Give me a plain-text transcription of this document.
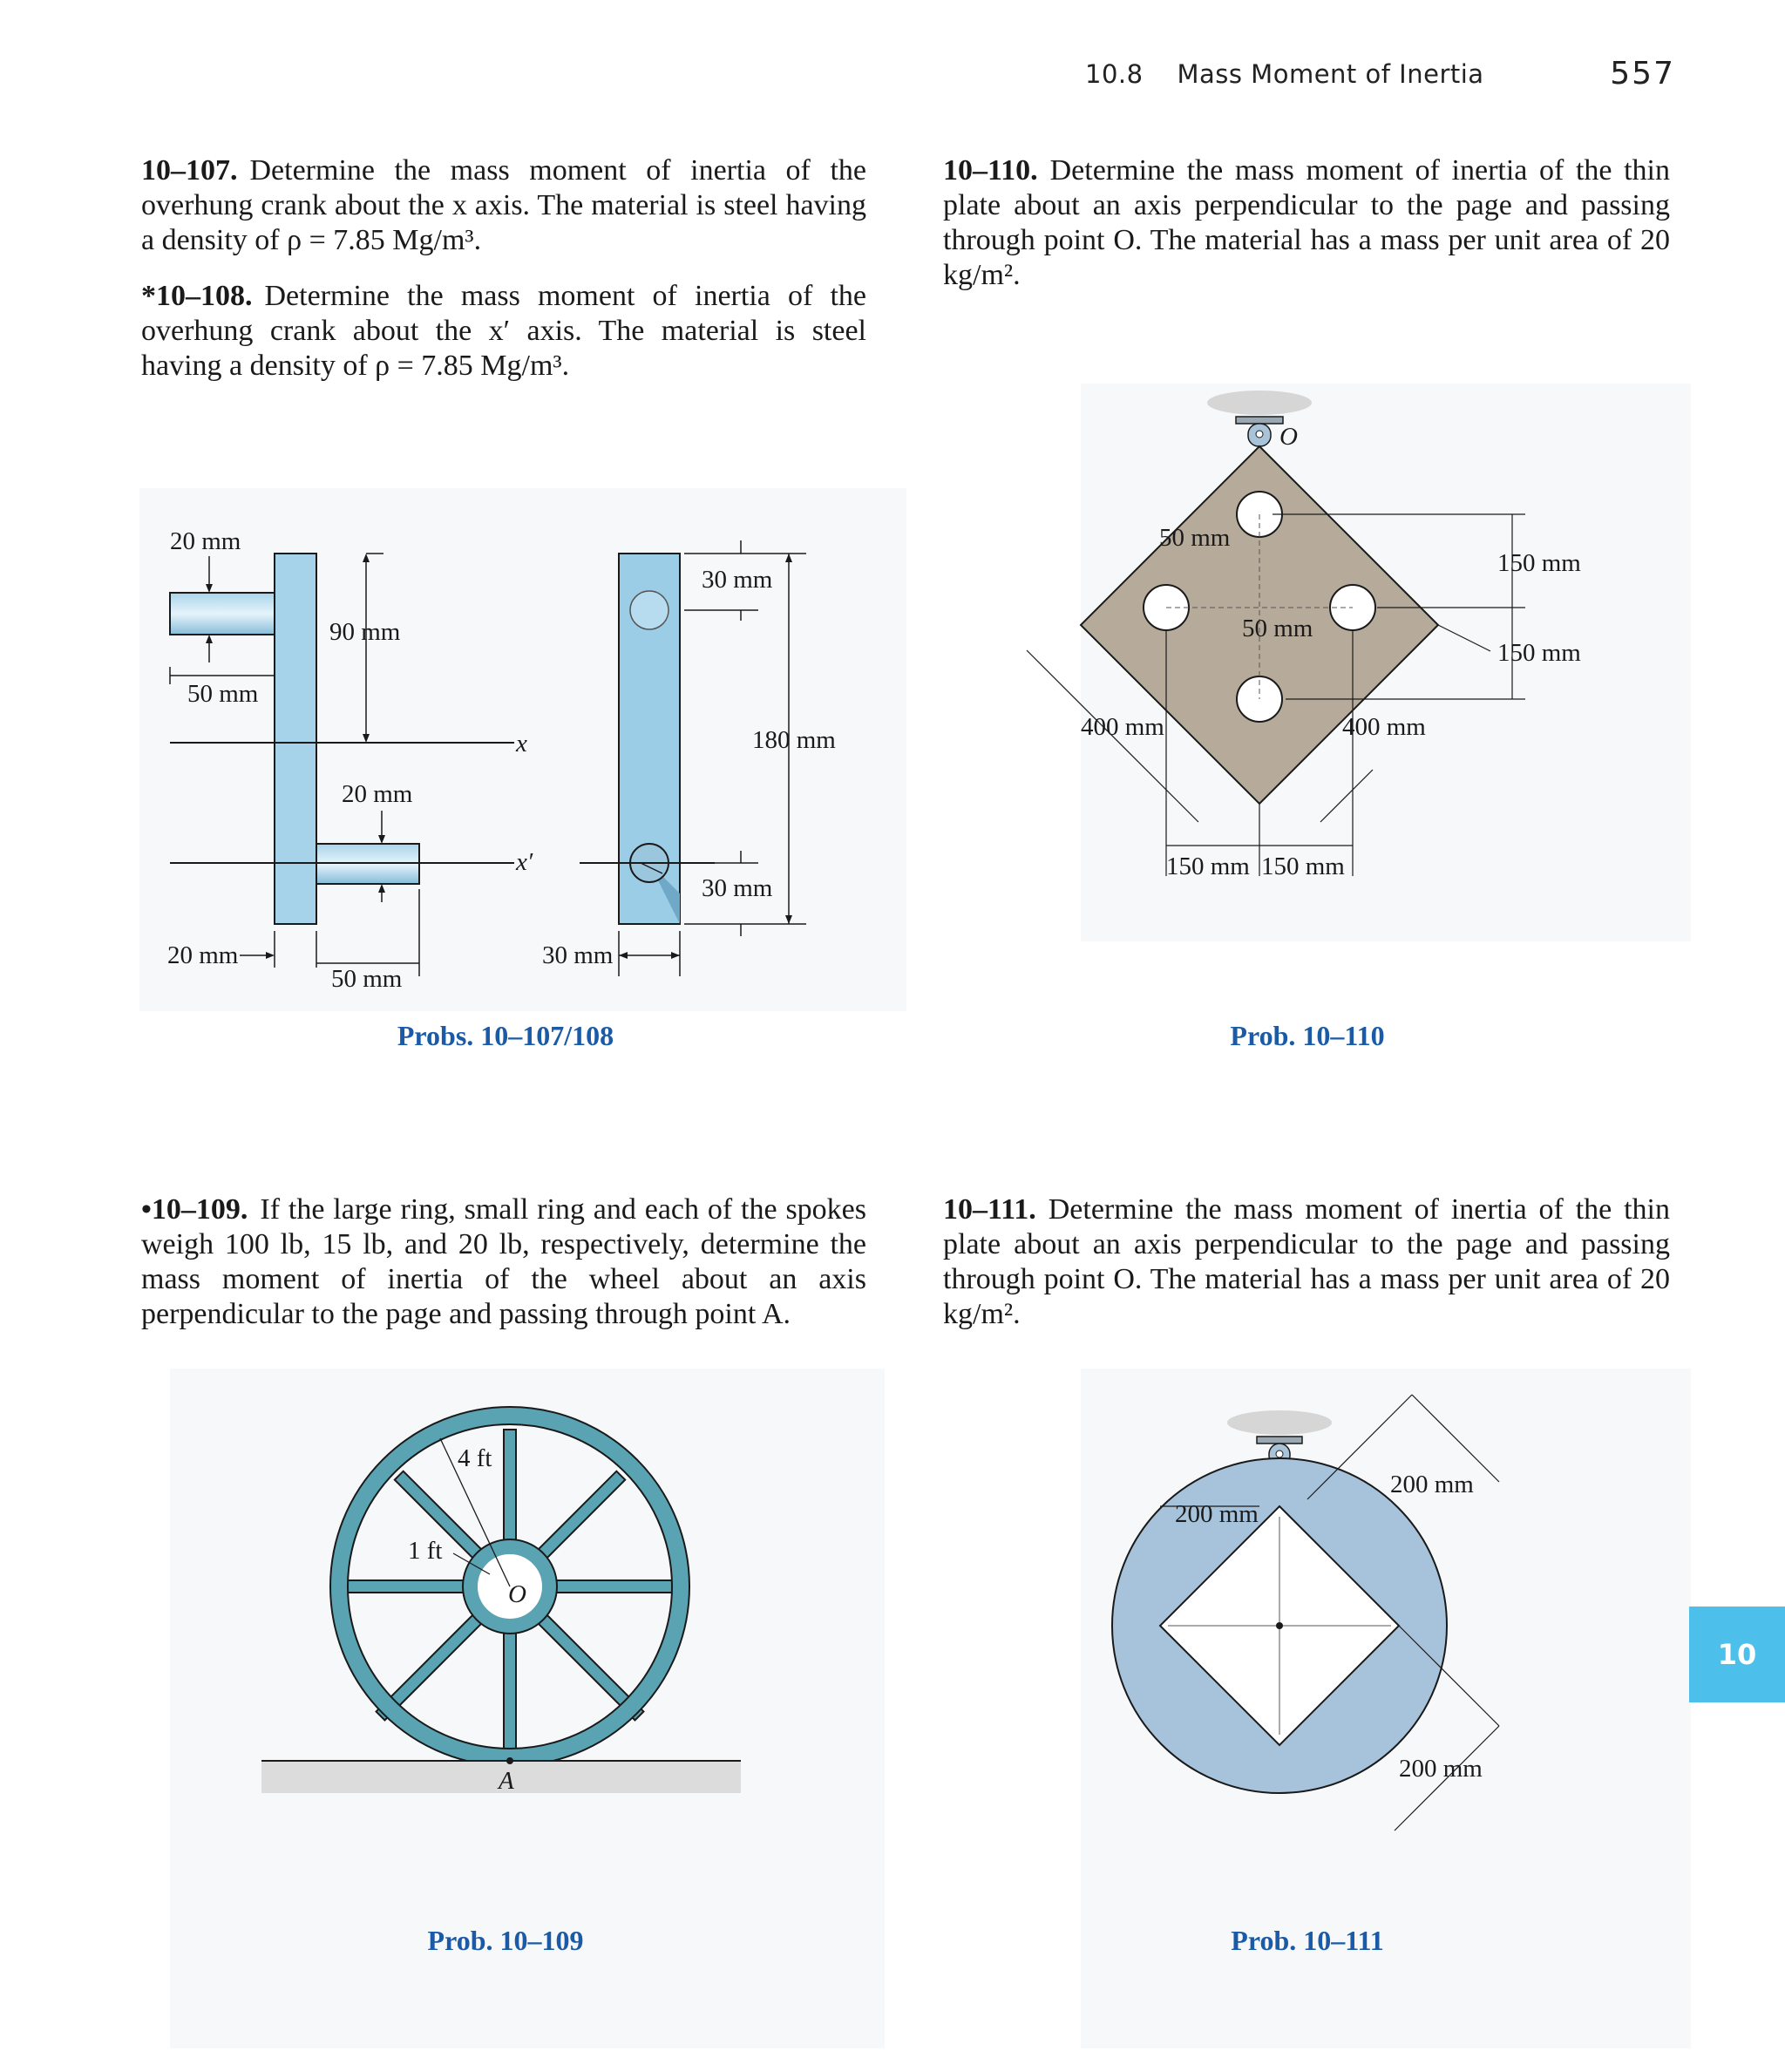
10.8 Mass Moment of Inertia	557
10–107. Determine the mass moment of inertia of the overhung crank about the x axis. The material is steel having a density of ρ = 7.85 Mg/m³.
*10–108. Determine the mass moment of inertia of the overhung crank about the x′ axis. The material is steel having a density of ρ = 7.85 Mg/m³.
10–110. Determine the mass moment of inertia of the thin plate about an axis perpendicular to the page and passing through point O. The material has a mass per unit area of 20 kg/m².
x
x′
90 mm
20 mm
50 mm
20 mm
20 mm
50 mm
30 mm
30 mm
180 mm
30 mm
Probs. 10–107/108
O
50 mm
50 mm
150 mm
150 mm
400 mm	400 mm
150 mm 150 mm
Prob. 10–110
•10–109. If the large ring, small ring and each of the spokes weigh 100 lb, 15 lb, and 20 lb, respectively, determine the mass moment of inertia of the wheel about an axis perpendicular to the page and passing through point A.
10–111. Determine the mass moment of inertia of the thin plate about an axis perpendicular to the page and passing through point O. The material has a mass per unit area of 20 kg/m².
4 ft
1 ft
O
A
Prob. 10–109
200 mm
200 mm
200 mm
Prob. 10–111
10
